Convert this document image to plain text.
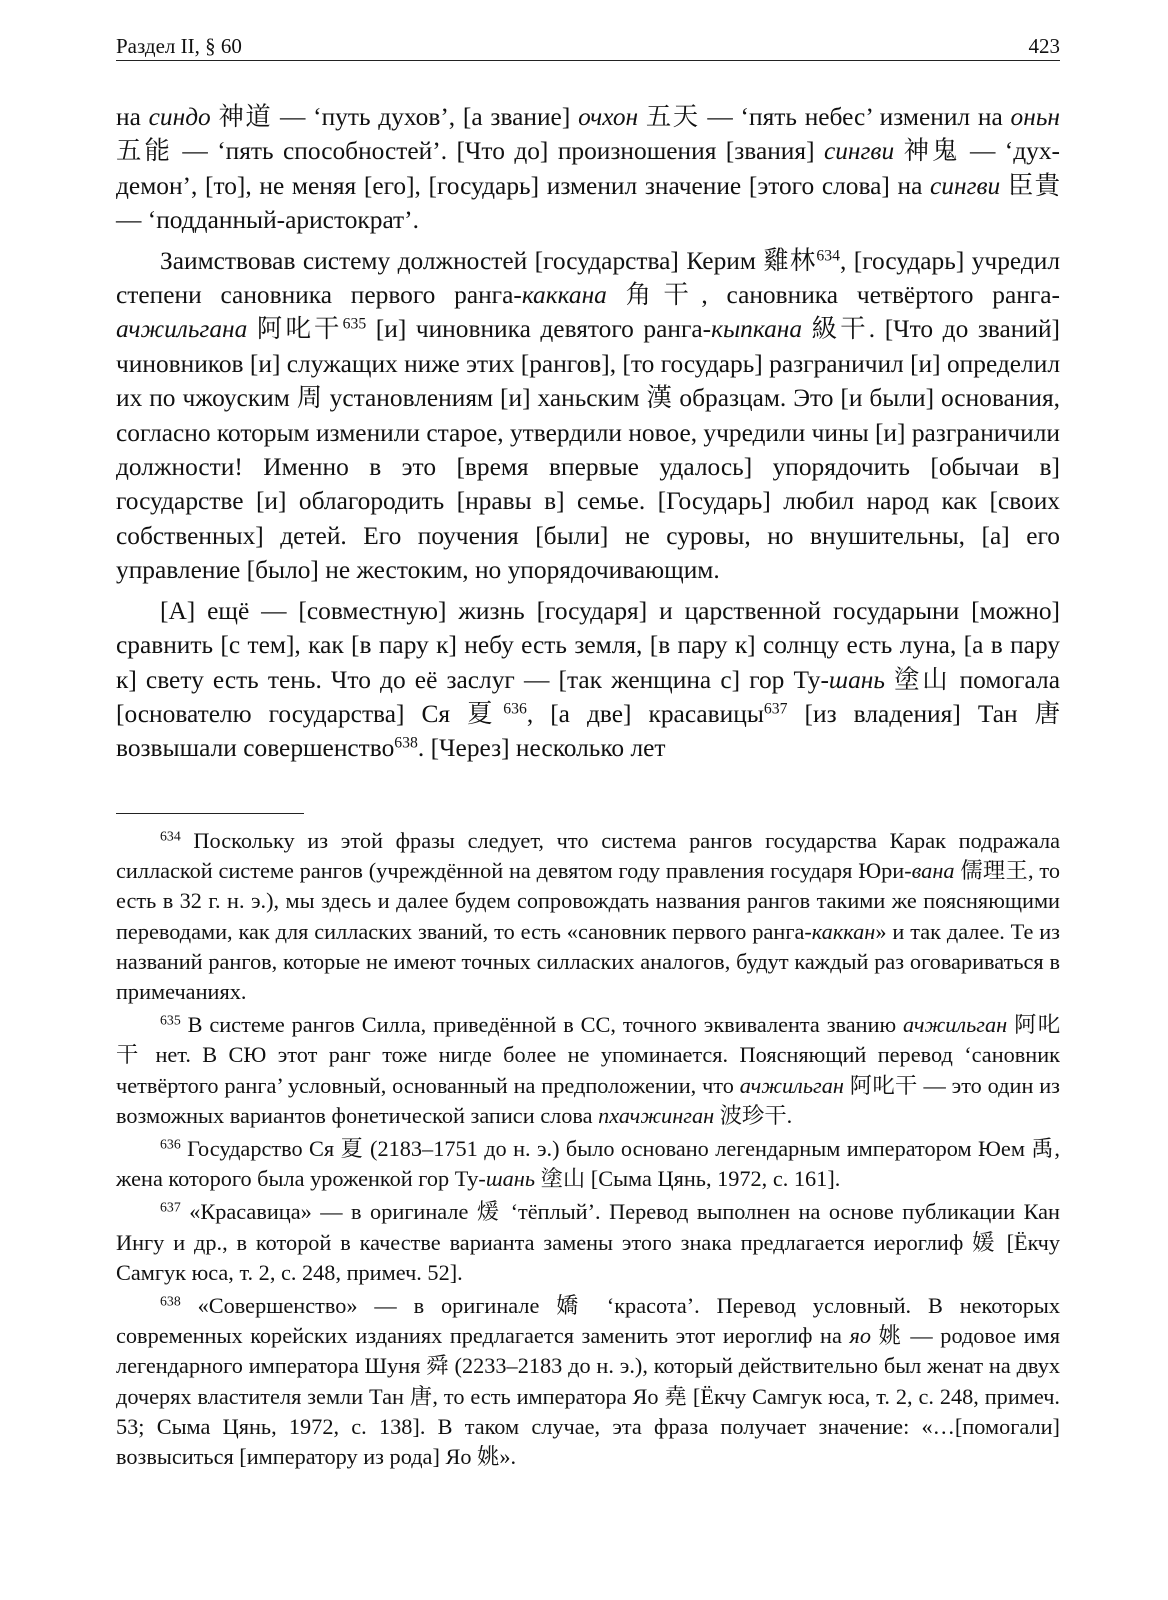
Раздел II, § 60	423

на синдо 神道 — ‘путь духов’, [а звание] очхон 五天 — ‘пять небес’ изменил на оньн 五能 — ‘пять способностей’. [Что до] произношения [звания] сингви 神鬼 — ‘дух-демон’, [то], не меняя [его], [государь] изменил значение [этого слова] на сингви 臣貴 — ‘подданный-аристократ’.

Заимствовав систему должностей [государства] Керим 雞林$^{634}$, [государь] учредил степени сановника первого ранга-каккана 角干, сановника четвёртого ранга-ачжильгана 阿叱干$^{635}$ [и] чиновника девятого ранга-кыпкана 級干. [Что до званий] чиновников [и] служащих ниже этих [рангов], [то государь] разграничил [и] определил их по чжоуским 周 установлениям [и] ханьским 漢 образцам. Это [и были] основания, согласно которым изменили старое, утвердили новое, учредили чины [и] разграничили должности! Именно в это [время впервые удалось] упорядочить [обычаи в] государстве [и] облагородить [нравы в] семье. [Государь] любил народ как [своих собственных] детей. Его поучения [были] не суровы, но внушительны, [а] его управление [было] не жестоким, но упорядочивающим.

[А] ещё — [совместную] жизнь [государя] и царственной государыни [можно] сравнить [с тем], как [в пару к] небу есть земля, [в пару к] солнцу есть луна, [а в пару к] свету есть тень. Что до её заслуг — [так женщина с] гор Ту-шань 塗山 помогала [основателю государства] Ся 夏$^{636}$, [а две] красавицы$^{637}$ [из владения] Тан 唐 возвышали совершенство$^{638}$. [Через] несколько лет

$^{634}$ Поскольку из этой фразы следует, что система рангов государства Карак подражала силлаской системе рангов (учреждённой на девятом году правления государя Юри-вана 儒理王, то есть в 32 г. н. э.), мы здесь и далее будем сопровождать названия рангов такими же поясняющими переводами, как для силласких званий, то есть «сановник первого ранга-каккан» и так далее. Те из названий рангов, которые не имеют точных силласких аналогов, будут каждый раз оговариваться в примечаниях.

$^{635}$ В системе рангов Силла, приведённой в СС, точного эквивалента званию ачжильган 阿叱干 нет. В СЮ этот ранг тоже нигде более не упоминается. Поясняющий перевод ‘сановник четвёртого ранга’ условный, основанный на предположении, что ачжильган 阿叱干 — это один из возможных вариантов фонетической записи слова пхачжинган 波珍干.

$^{636}$ Государство Ся 夏 (2183–1751 до н. э.) было основано легендарным императором Юем 禹, жена которого была уроженкой гор Ту-шань 塗山 [Сыма Цянь, 1972, с. 161].

$^{637}$ «Красавица» — в оригинале 煖 ‘тёплый’. Перевод выполнен на основе публикации Кан Ингу и др., в которой в качестве варианта замены этого знака предлагается иероглиф 媛 [Ёкчу Самгук юса, т. 2, с. 248, примеч. 52].

$^{638}$ «Совершенство» — в оригинале 嬌 ‘красота’. Перевод условный. В некоторых современных корейских изданиях предлагается заменить этот иероглиф на яо 姚 — родовое имя легендарного императора Шуня 舜 (2233–2183 до н. э.), который действительно был женат на двух дочерях властителя земли Тан 唐, то есть императора Яо 堯 [Ёкчу Самгук юса, т. 2, с. 248, примеч. 53; Сыма Цянь, 1972, с. 138]. В таком случае, эта фраза получает значение: «…[помогали] возвыситься [императору из рода] Яо 姚».
